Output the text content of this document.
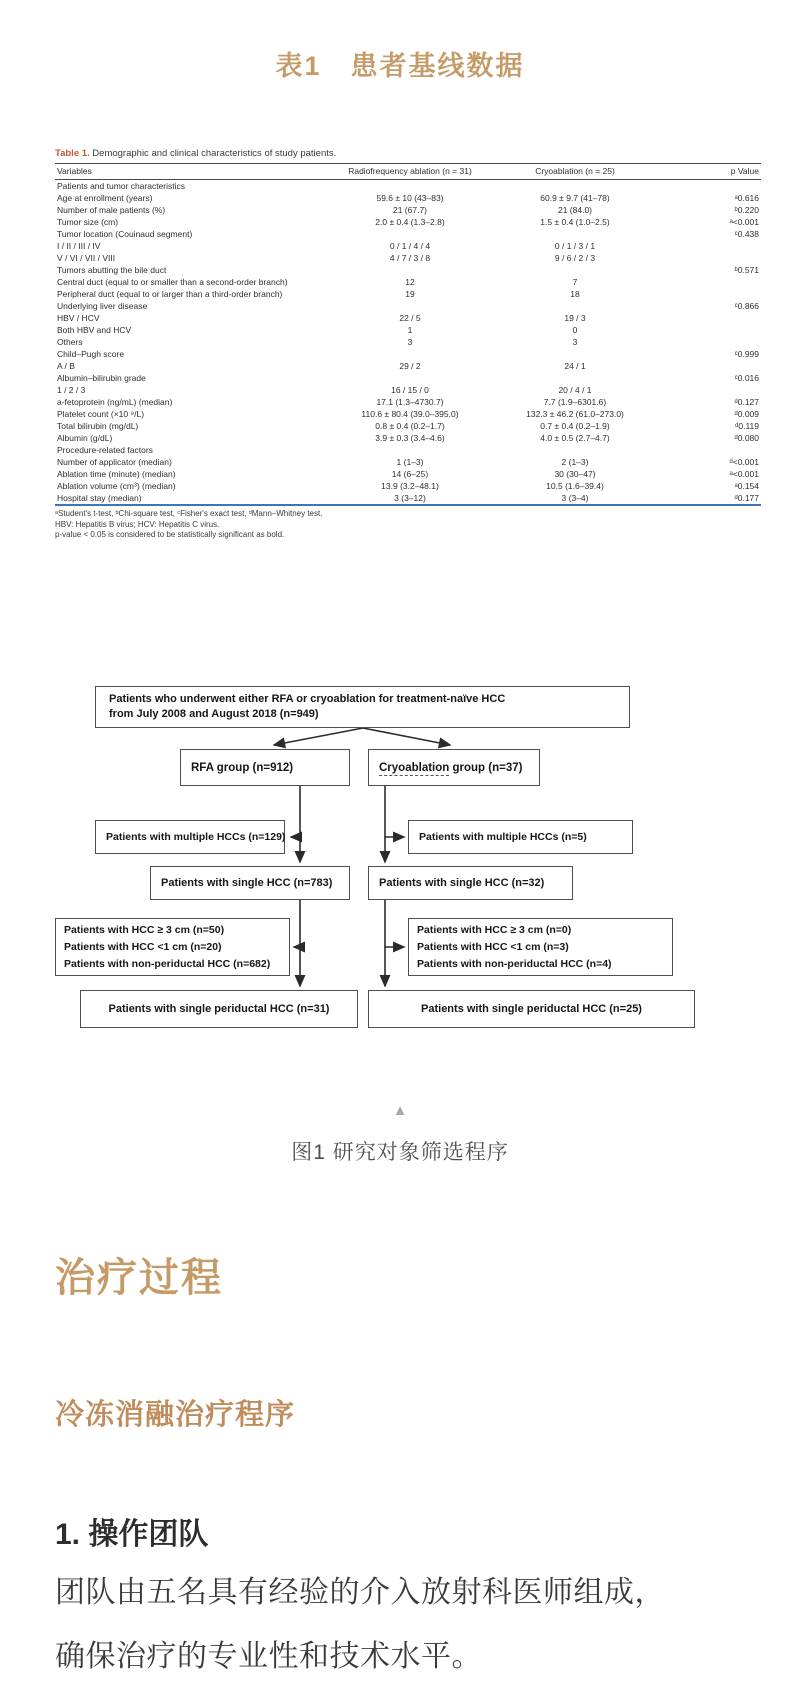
表1　患者基线数据
Table 1. Demographic and clinical characteristics of study patients.
Variables	Radiofrequency ablation (n = 31)	Cryoablation (n = 25)	p Value
Patients and tumor characteristics			
Age at enrollment (years)	59.6 ± 10 (43–83)	60.9 ± 9.7 (41–78)	ᵃ0.616
Number of male patients (%)	21 (67.7)	21 (84.0)	ᵇ0.220
Tumor size (cm)	2.0 ± 0.4 (1.3–2.8)	1.5 ± 0.4 (1.0–2.5)	ᵃ<0.001
Tumor location (Couinaud segment)			ᶜ0.438
I / II / III / IV	0 / 1 / 4 / 4	0 / 1 / 3 / 1	
V / VI / VII / VIII	4 / 7 / 3 / 8	9 / 6 / 2 / 3	
Tumors abutting the bile duct			ᵇ0.571
Central duct (equal to or smaller than a second-order branch)	12	7	
Peripheral duct (equal to or larger than a third-order branch)	19	18	
Underlying liver disease			ᶜ0.866
HBV / HCV	22 / 5	19 / 3	
Both HBV and HCV	1	0	
Others	3	3	
Child–Pugh score			ᶜ0.999
A / B	29 / 2	24 / 1	
Albumin–bilirubin grade			ᶜ0.016
1 / 2 / 3	16 / 15 / 0	20 / 4 / 1	
a-fetoprotein (ng/mL) (median)	17.1 (1.3–4730.7)	7.7 (1.9–6301.6)	ᵈ0.127
Platelet count (×10 ⁹/L)	110.6 ± 80.4 (39.0–395.0)	132.3 ± 46.2 (61.0–273.0)	ᵈ0.009
Total bilirubin (mg/dL)	0.8 ± 0.4 (0.2–1.7)	0.7 ± 0.4 (0.2–1.9)	ᵈ0.119
Albumin (g/dL)	3.9 ± 0.3 (3.4–4.6)	4.0 ± 0.5 (2.7–4.7)	ᵈ0.080
Procedure-related factors			
Number of applicator (median)	1 (1–3)	2 (1–3)	ᵈ<0.001
Ablation time (minute) (median)	14 (6–25)	30 (30–47)	ᵃ<0.001
Ablation volume (cm³) (median)	13.9 (3.2–48.1)	10.5 (1.6–39.4)	ᵃ0.154
Hospital stay (median)	3 (3–12)	3 (3–4)	ᵈ0.177
ᵃStudent's t-test, ᵇChi-square test, ᶜFisher's exact test, ᵈMann–Whitney test.
HBV: Hepatitis B virus; HCV: Hepatitis C virus.
p-value < 0.05 is considered to be statistically significant as bold.
Patients who underwent either RFA or cryoablation for treatment-naïve HCC
from July 2008 and August 2018 (n=949)
RFA group (n=912)	Cryoablation group (n=37)
Patients with multiple HCCs (n=129)	Patients with multiple HCCs (n=5)
Patients with single HCC (n=783)	Patients with single HCC (n=32)
Patients with HCC ≥ 3 cm (n=50)
Patients with HCC <1 cm (n=20)
Patients with non-periductal HCC (n=682)
Patients with HCC ≥ 3 cm (n=0)
Patients with HCC <1 cm (n=3)
Patients with non-periductal HCC (n=4)
Patients with single periductal HCC (n=31)	Patients with single periductal HCC (n=25)
▲
图1 研究对象筛选程序
治疗过程
冷冻消融治疗程序
1. 操作团队
团队由五名具有经验的介入放射科医师组成，
确保治疗的专业性和技术水平。
